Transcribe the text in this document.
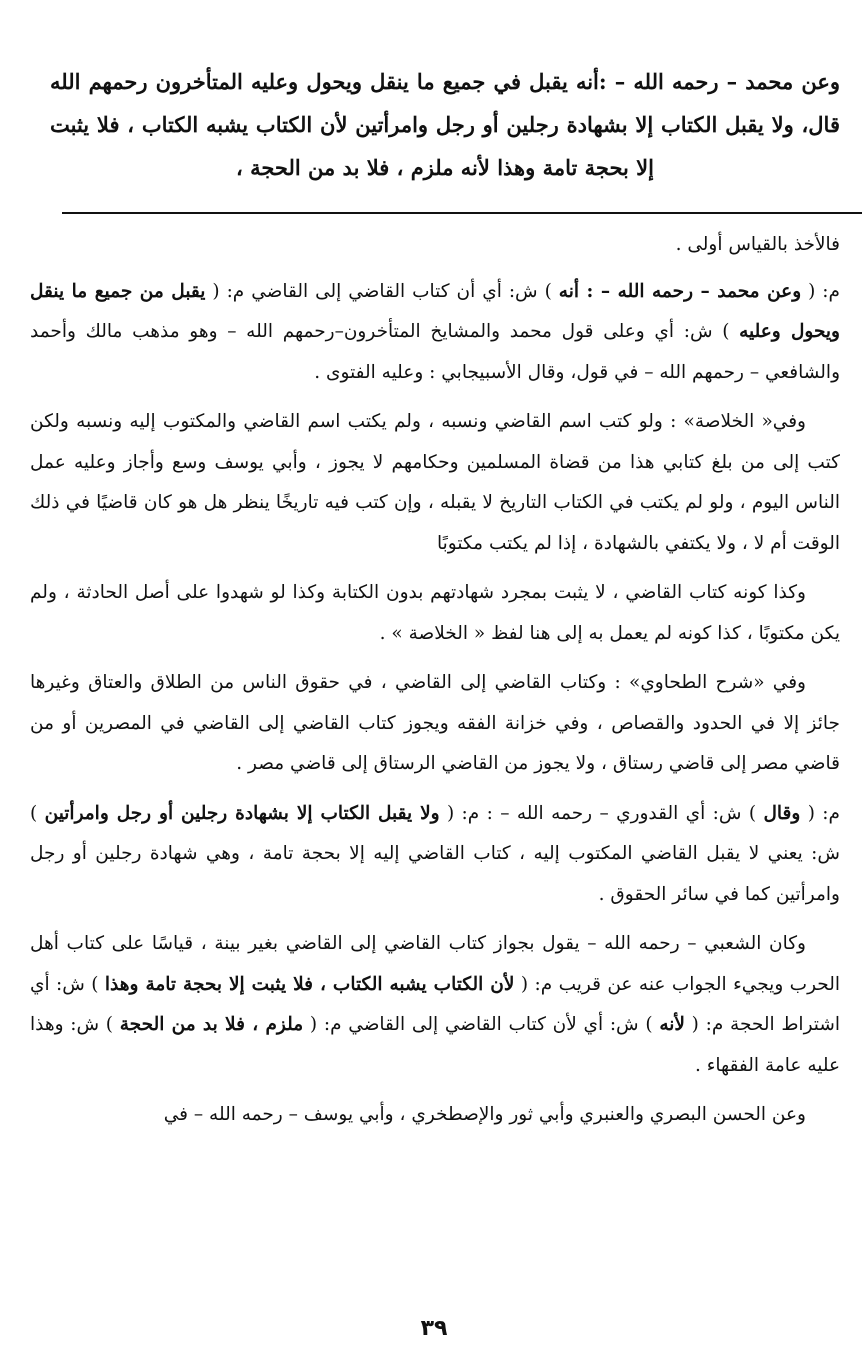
وعن محمد – رحمه الله – :أنه يقبل في جميع ما ينقل ويحول وعليه المتأخرون رحمهم الله قال، ولا يقبل الكتاب إلا بشهادة رجلين أو رجل وامرأتين لأن الكتاب يشبه الكتاب ، فلا يثبت إلا بحجة تامة وهذا لأنه ملزم ، فلا بد من الحجة ،

فالأخذ بالقياس أولى .

م: ( وعن محمد – رحمه الله – : أنه ) ش: أي أن كتاب القاضي إلى القاضي م: ( يقبل من جميع ما ينقل ويحول وعليه ) ش: أي وعلى قول محمد والمشايخ المتأخرون–رحمهم الله – وهو مذهب مالك وأحمد والشافعي – رحمهم الله – في قول، وقال الأسبيجابي : وعليه الفتوى .

وفي« الخلاصة» : ولو كتب اسم القاضي ونسبه ، ولم يكتب اسم القاضي والمكتوب إليه ونسبه ولكن كتب إلى من بلغ كتابي هذا من قضاة المسلمين وحكامهم لا يجوز ، وأبي يوسف وسع وأجاز وعليه عمل الناس اليوم ، ولو لم يكتب في الكتاب التاريخ لا يقبله ، وإن كتب فيه تاريخًا ينظر هل هو كان قاضيًا في ذلك الوقت أم لا ، ولا يكتفي بالشهادة ، إذا لم يكتب مكتوبًا

وكذا كونه كتاب القاضي ، لا يثبت بمجرد شهادتهم بدون الكتابة وكذا لو شهدوا على أصل الحادثة ، ولم يكن مكتوبًا ، كذا كونه لم يعمل به إلى هنا لفظ « الخلاصة » .

وفي «شرح الطحاوي» : وكتاب القاضي إلى القاضي ، في حقوق الناس من الطلاق والعتاق وغيرها جائز إلا في الحدود والقصاص ، وفي خزانة الفقه ويجوز كتاب القاضي إلى القاضي في المصرين أو من قاضي مصر إلى قاضي رستاق ، ولا يجوز من القاضي الرستاق إلى قاضي مصر .

م: ( وقال ) ش: أي القدوري – رحمه الله – : م: ( ولا يقبل الكتاب إلا بشهادة رجلين أو رجل وامرأتين ) ش: يعني لا يقبل القاضي المكتوب إليه ، كتاب القاضي إليه إلا بحجة تامة ، وهي شهادة رجلين أو رجل وامرأتين كما في سائر الحقوق .

وكان الشعبي – رحمه الله – يقول بجواز كتاب القاضي إلى القاضي بغير بينة ، قياسًا على كتاب أهل الحرب ويجيء الجواب عنه عن قريب م: ( لأن الكتاب يشبه الكتاب ، فلا يثبت إلا بحجة تامة وهذا ) ش: أي اشتراط الحجة م: ( لأنه ) ش: أي لأن كتاب القاضي إلى القاضي م: ( ملزم ، فلا بد من الحجة ) ش: وهذا عليه عامة الفقهاء .

وعن الحسن البصري والعنبري وأبي ثور والإصطخري ، وأبي يوسف – رحمه الله – في

٣٩
